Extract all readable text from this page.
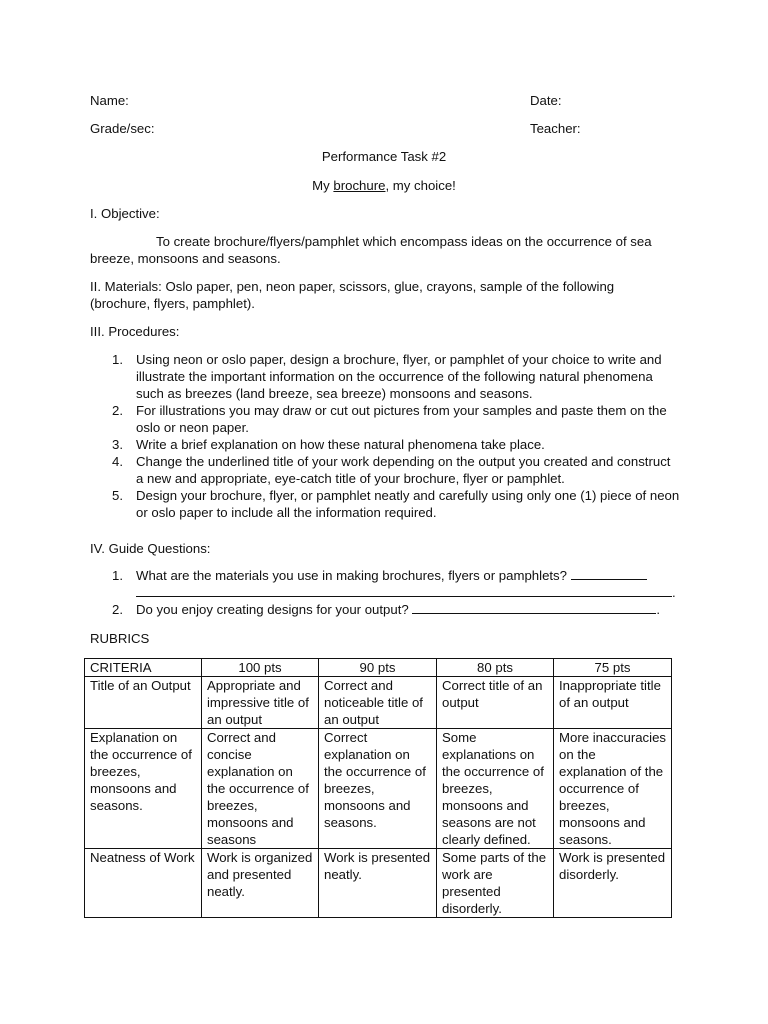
Name:	Date:
Grade/sec:	Teacher:
Performance Task #2
My brochure, my choice!
I. Objective:
To create brochure/flyers/pamphlet which encompass ideas on the occurrence of sea breeze, monsoons and seasons.
II. Materials: Oslo paper, pen, neon paper, scissors, glue, crayons, sample of the following (brochure, flyers, pamphlet).
III. Procedures:
1. Using neon or oslo paper, design a brochure, flyer, or pamphlet of your choice to write and illustrate the important information on the occurrence of the following natural phenomena such as breezes (land breeze, sea breeze) monsoons and seasons.
2. For illustrations you may draw or cut out pictures from your samples and paste them on the oslo or neon paper.
3. Write a brief explanation on how these natural phenomena take place.
4. Change the underlined title of your work depending on the output you created and construct a new and appropriate, eye-catch title of your brochure, flyer or pamphlet.
5. Design your brochure, flyer, or pamphlet neatly and carefully using only one (1) piece of neon or oslo paper to include all the information required.
IV. Guide Questions:
1. What are the materials you use in making brochures, flyers or pamphlets?
.
2. Do you enjoy creating designs for your output?	.
RUBRICS
CRITERIA	100 pts	90 pts	80 pts	75 pts
Title of an Output	Appropriate and impressive title of an output	Correct and noticeable title of an output	Correct title of an output	Inappropriate title of an output
Explanation on the occurrence of breezes, monsoons and seasons.	Correct and concise explanation on the occurrence of breezes, monsoons and seasons	Correct explanation on the occurrence of breezes, monsoons and seasons.	Some explanations on the occurrence of breezes, monsoons and seasons are not clearly defined.	More inaccuracies on the explanation of the occurrence of breezes, monsoons and seasons.
Neatness of Work	Work is organized and presented neatly.	Work is presented neatly.	Some parts of the work are presented disorderly.	Work is presented disorderly.
